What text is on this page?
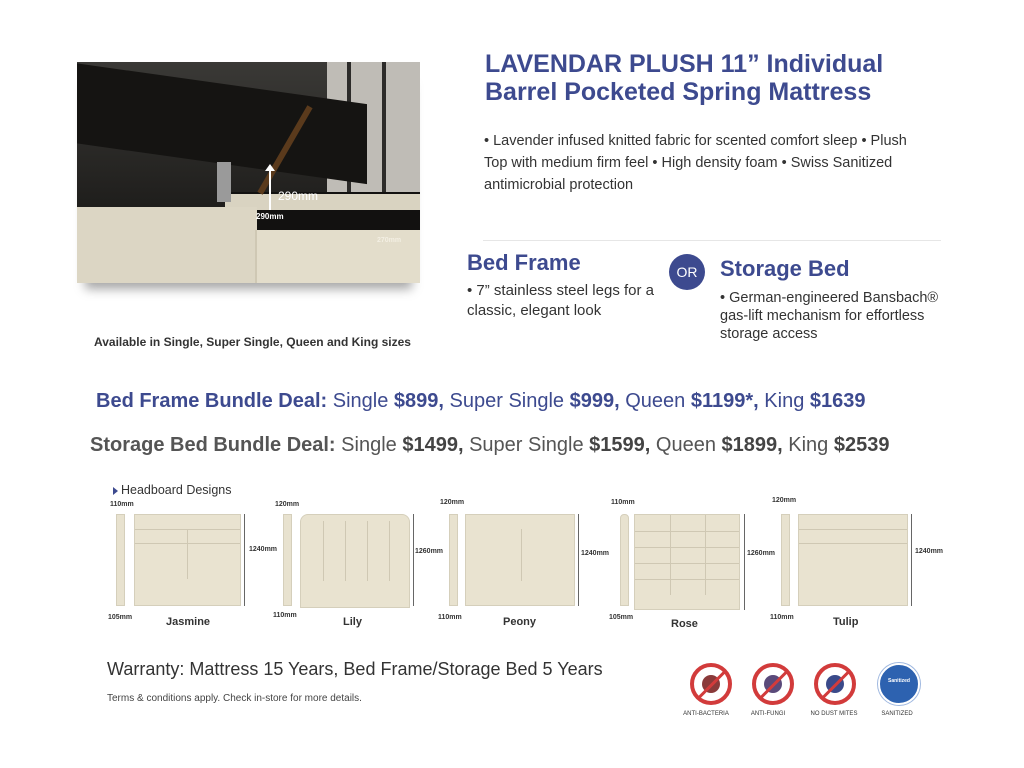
290mm
290mm
270mm
Available in Single, Super Single, Queen and King sizes
LAVENDAR PLUSH 11” Individual Barrel Pocketed Spring Mattress
• Lavender infused knitted fabric for scented comfort sleep • Plush Top with medium firm feel • High density foam • Swiss Sanitized antimicrobial protection
Bed Frame
• 7” stainless steel legs for a classic, elegant look
OR	Storage Bed
• German-engineered Bansbach®
gas-lift mechanism for effortless storage access
Bed Frame Bundle Deal: Single $899, Super Single $999, Queen $1199*, King $1639
Storage Bed Bundle Deal: Single $1499, Super Single $1599, Queen $1899, King $2539
Headboard Designs
110mm
1240mm
105mm	Jasmine
120mm
1260mm
110mm
Lily
120mm
1240mm
110mm	Peony
110mm
1260mm
105mm
Rose
120mm
1240mm
110mm	Tulip
Warranty: Mattress 15 Years, Bed Frame/Storage Bed 5 Years
Terms & conditions apply. Check in-store for more details.
ANTI-BACTERIA	ANTI-FUNGI	NO DUST MITES
Sanitized
SANITIZED
